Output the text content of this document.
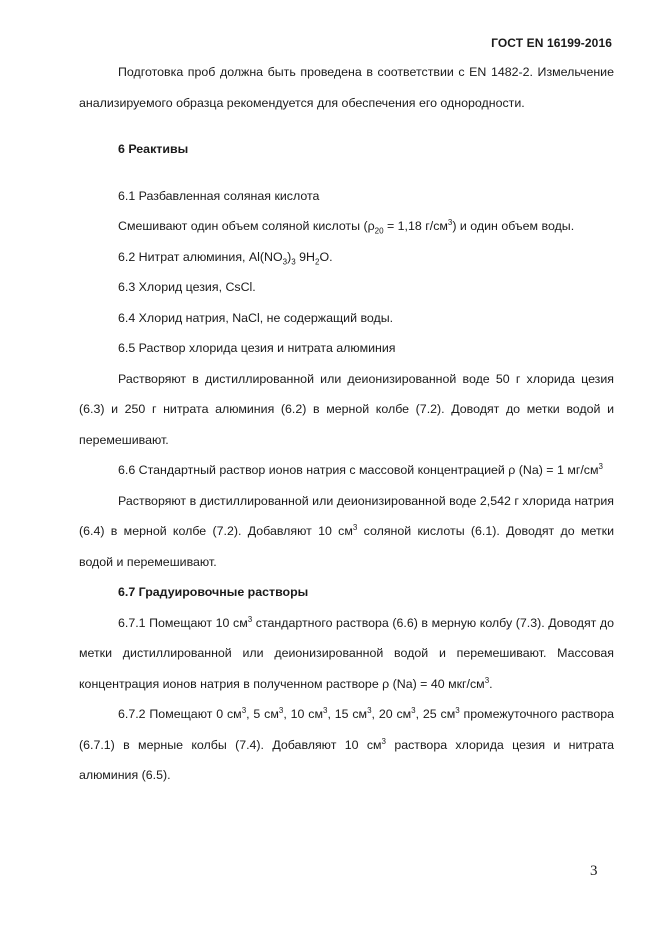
ГОСТ EN 16199-2016

Подготовка проб должна быть проведена в соответствии с EN 1482-2. Измельчение анализируемого образца рекомендуется для обеспечения его однородности.

6 Реактивы

6.1 Разбавленная соляная кислота

Смешивают один объем соляной кислоты ($\rho_{20} = 1,18$ $г/см^3$) и один объем воды.

6.2 Нитрат алюминия, $Al(NO_3)_3$ $9H_2O$.

6.3 Хлорид цезия, CsCl.

6.4 Хлорид натрия, NaCl, не содержащий воды.

6.5 Раствор хлорида цезия и нитрата алюминия

Растворяют в дистиллированной или деионизированной воде 50 г хлорида цезия (6.3) и 250 г нитрата алюминия (6.2) в мерной колбе (7.2). Доводят до метки водой и перемешивают.

6.6 Стандартный раствор ионов натрия с массовой концентрацией ρ (Na) = 1 $мг/см^3$

Растворяют в дистиллированной или деионизированной воде 2,542 г хлорида натрия (6.4) в мерной колбе (7.2). Добавляют 10 $см^3$ соляной кислоты (6.1). Доводят до метки водой и перемешивают.

6.7 Градуировочные растворы

6.7.1 Помещают 10 $см^3$ стандартного раствора (6.6) в мерную колбу (7.3). Доводят до метки дистиллированной или деионизированной водой и перемешивают. Массовая концентрация ионов натрия в полученном растворе ρ (Na) = 40 мкг/$см^3$.

6.7.2 Помещают 0 $см^3$, 5 $см^3$, 10 $см^3$, 15 $см^3$, 20 $см^3$, 25 $см^3$ промежуточного раствора (6.7.1) в мерные колбы (7.4). Добавляют 10 $см^3$ раствора хлорида цезия и нитрата алюминия (6.5).

3
